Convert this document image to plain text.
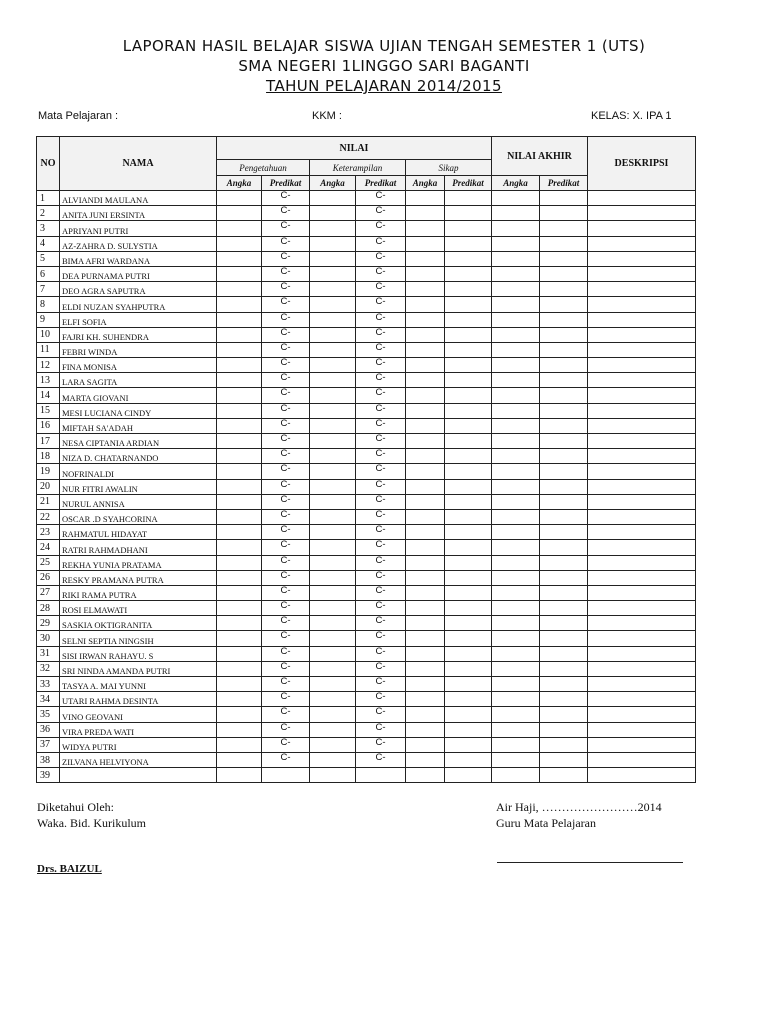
LAPORAN HASIL BELAJAR SISWA UJIAN TENGAH SEMESTER 1 (UTS)
SMA NEGERI 1LINGGO SARI BAGANTI
TAHUN PELAJARAN 2014/2015
Mata Pelajaran :	KKM :	KELAS: X. IPA 1
NO	NAMA	NILAI						NILAI AKHIR		DESKRIPSI
		Pengetahuan		Keterampilan		Sikap				
		Angka	Predikat	Angka	Predikat	Angka	Predikat	Angka	Predikat	
1	ALVIANDI MAULANA		C-		C-					
2	ANITA JUNI ERSINTA		C-		C-					
3	APRIYANI PUTRI		C-		C-					
4	AZ-ZAHRA D. SULYSTIA		C-		C-					
5	BIMA AFRI WARDANA		C-		C-					
6	DEA PURNAMA PUTRI		C-		C-					
7	DEO AGRA SAPUTRA		C-		C-					
8	ELDI NUZAN SYAHPUTRA		C-		C-					
9	ELFI SOFIA		C-		C-					
10	FAJRI KH. SUHENDRA		C-		C-					
11	FEBRI WINDA		C-		C-					
12	FINA MONISA		C-		C-					
13	LARA SAGITA		C-		C-					
14	MARTA GIOVANI		C-		C-					
15	MESI LUCIANA CINDY		C-		C-					
16	MIFTAH SA'ADAH		C-		C-					
17	NESA CIPTANIA ARDIAN		C-		C-					
18	NIZA D. CHATARNANDO		C-		C-					
19	NOFRINALDI		C-		C-					
20	NUR FITRI AWALIN		C-		C-					
21	NURUL ANNISA		C-		C-					
22	OSCAR .D SYAHCORINA		C-		C-					
23	RAHMATUL HIDAYAT		C-		C-					
24	RATRI RAHMADHANI		C-		C-					
25	REKHA YUNIA PRATAMA		C-		C-					
26	RESKY PRAMANA PUTRA		C-		C-					
27	RIKI RAMA PUTRA		C-		C-					
28	ROSI ELMAWATI		C-		C-					
29	SASKIA OKTIGRANITA		C-		C-					
30	SELNI SEPTIA NINGSIH		C-		C-					
31	SISI IRWAN RAHAYU. S		C-		C-					
32	SRI NINDA AMANDA PUTRI		C-		C-					
33	TASYA A. MAI YUNNI		C-		C-					
34	UTARI RAHMA DESINTA		C-		C-					
35	VINO GEOVANI		C-		C-					
36	VIRA PREDA WATI		C-		C-					
37	WIDYA PUTRI		C-		C-					
38	ZILVANA HELVIYONA		C-		C-					
39										
Diketahui Oleh:
Waka. Bid. Kurikulum
Drs. BAIZUL
Air Haji, ……………………2014
Guru Mata Pelajaran
